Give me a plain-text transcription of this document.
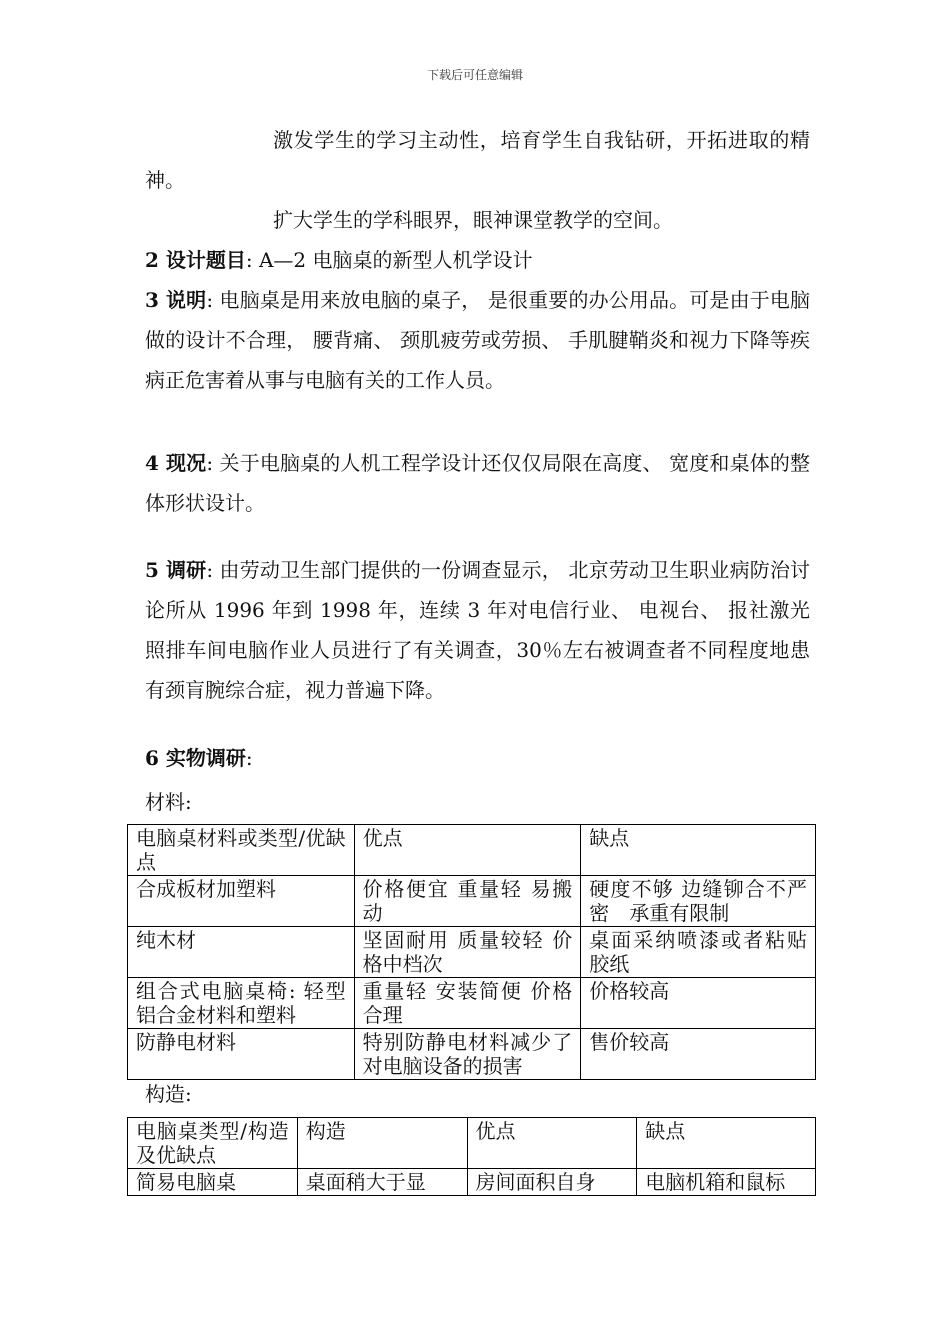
下载后可任意编辑
激发学生的学习主动性，培育学生自我钻研，开拓进取的精神。
扩大学生的学科眼界，眼神课堂教学的空间。
2 设计题目: A—2 电脑桌的新型人机学设计
3 说明: 电脑桌是用来放电脑的桌子， 是很重要的办公用品。可是由于电脑做的设计不合理， 腰背痛、 颈肌疲劳或劳损、 手肌腱鞘炎和视力下降等疾病正危害着从事与电脑有关的工作人员。
4 现况: 关于电脑桌的人机工程学设计还仅仅局限在高度、 宽度和桌体的整体形状设计。
5 调研: 由劳动卫生部门提供的一份调查显示， 北京劳动卫生职业病防治讨论所从 1996 年到 1998 年，连续 3 年对电信行业、 电视台、 报社激光照排车间电脑作业人员进行了有关调查，30％左右被调查者不同程度地患有颈肓腕综合症，视力普遍下降。
6 实物调研:
材料:
电脑桌材料或类型/优缺点	优点	缺点
合成板材加塑料	价格便宜 重量轻 易搬动	硬度不够 边缝铆合不严密　承重有限制
纯木材	坚固耐用 质量较轻 价格中档次	桌面采纳喷漆或者粘贴胶纸
组合式电脑桌椅: 轻型铝合金材料和塑料	重量轻 安装简便 价格合理	价格较高
防静电材料	特别防静电材料减少了对电脑设备的损害	售价较高
构造:
电脑桌类型/构造及优缺点	构造	优点	缺点
简易电脑桌	桌面稍大于显	房间面积自身	电脑机箱和鼠标
